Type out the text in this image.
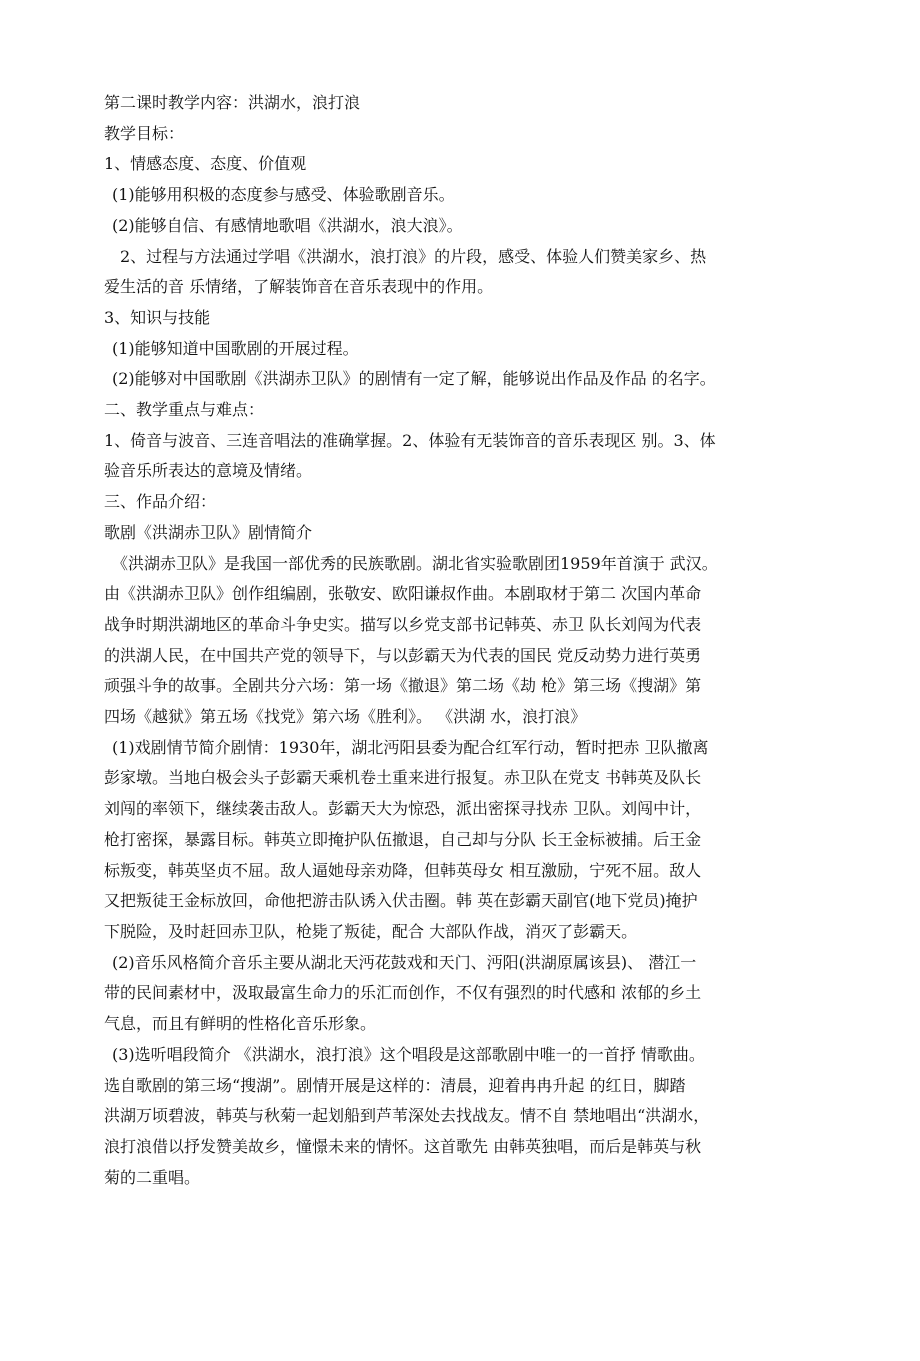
第二课时教学内容：洪湖水，浪打浪

教学目标：

1、情感态度、态度、价值观

(1)能够用积极的态度参与感受、体验歌剧音乐。

(2)能够自信、有感情地歌唱《洪湖水，浪大浪》。

2、过程与方法通过学唱《洪湖水，浪打浪》的片段，感受、体验人们赞美家乡、热

爱生活的音 乐情绪，了解装饰音在音乐表现中的作用。

3、知识与技能

(1)能够知道中国歌剧的开展过程。

(2)能够对中国歌剧《洪湖赤卫队》的剧情有一定了解，能够说出作品及作品 的名字。

二、教学重点与难点：

1、倚音与波音、三连音唱法的准确掌握。2、体验有无装饰音的音乐表现区 别。3、体

验音乐所表达的意境及情绪。

三、作品介绍：

歌剧《洪湖赤卫队》剧情简介

《洪湖赤卫队》是我国一部优秀的民族歌剧。湖北省实验歌剧团1959年首演于 武汉。

由《洪湖赤卫队》创作组编剧，张敬安、欧阳谦叔作曲。本剧取材于第二 次国内革命

战争时期洪湖地区的革命斗争史实。描写以乡党支部书记韩英、赤卫 队长刘闯为代表

的洪湖人民，在中国共产党的领导下，与以彭霸天为代表的国民 党反动势力进行英勇

顽强斗争的故事。全剧共分六场：第一场《撤退》第二场《劫 枪》第三场《搜湖》第

四场《越狱》第五场《找党》第六场《胜利》。 《洪湖 水，浪打浪》

(1)戏剧情节简介剧情：1930年，湖北沔阳县委为配合红军行动，暂时把赤 卫队撤离

彭家墩。当地白极会头子彭霸天乘机卷土重来进行报复。赤卫队在党支 书韩英及队长

刘闯的率领下，继续袭击敌人。彭霸天大为惊恐，派出密探寻找赤 卫队。刘闯中计，

枪打密探，暴露目标。韩英立即掩护队伍撤退，自己却与分队 长王金标被捕。后王金

标叛变，韩英坚贞不屈。敌人逼她母亲劝降，但韩英母女 相互激励，宁死不屈。敌人

又把叛徒王金标放回，命他把游击队诱入伏击圈。韩 英在彭霸天副官(地下党员)掩护

下脱险，及时赶回赤卫队，枪毙了叛徒，配合 大部队作战，消灭了彭霸天。

(2)音乐风格简介音乐主要从湖北天沔花鼓戏和天门、沔阳(洪湖原属该县)、 潜江一

带的民间素材中，汲取最富生命力的乐汇而创作，不仅有强烈的时代感和 浓郁的乡土

气息，而且有鲜明的性格化音乐形象。

(3)选听唱段简介 《洪湖水，浪打浪》这个唱段是这部歌剧中唯一的一首抒 情歌曲。

选自歌剧的第三场“搜湖”。剧情开展是这样的：清晨，迎着冉冉升起 的红日，脚踏

洪湖万顷碧波，韩英与秋菊一起划船到芦苇深处去找战友。情不自 禁地唱出“洪湖水，

浪打浪借以抒发赞美故乡，憧憬未来的情怀。这首歌先 由韩英独唱，而后是韩英与秋

菊的二重唱。
